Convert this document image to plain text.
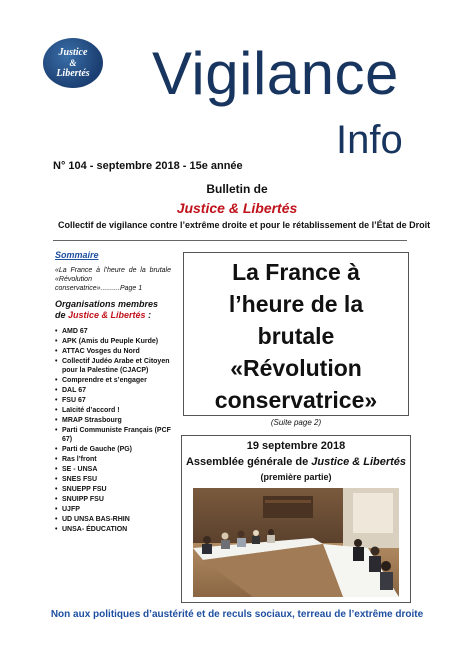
Justice
&
Libertés Vigilance
Info
N° 104 - septembre 2018 - 15e année
Bulletin de
Justice & Libertés
Collectif de vigilance contre l’extrême droite et pour le rétablissement de l’État de Droit
Sommaire
«La France à l’heure de la brutale «Révolution conservatrice»..........Page 1
Organisations membres de Justice & Libertés :
• AMD 67
• APK (Amis du Peuple Kurde)
• ATTAC Vosges du Nord
• Collectif Judéo Arabe et Citoyen pour la Palestine (CJACP)
• Comprendre et s’engager
• DAL 67
• FSU 67
• Laïcité d’accord !
• MRAP Strasbourg
• Parti Communiste Français (PCF 67)
• Parti de Gauche (PG)
• Ras l’front
• SE - UNSA
• SNES FSU
• SNUEPP FSU
• SNUIPP FSU
• UJFP
• UD UNSA BAS-RHIN
• UNSA- ÉDUCATION
La France à
l’heure de la
brutale
«Révolution
conservatrice»
(Suite page 2)
19 septembre 2018
Assemblée générale de Justice & Libertés
(première partie)
Non aux politiques d’austérité et de reculs sociaux, terreau de l’extrême droite
